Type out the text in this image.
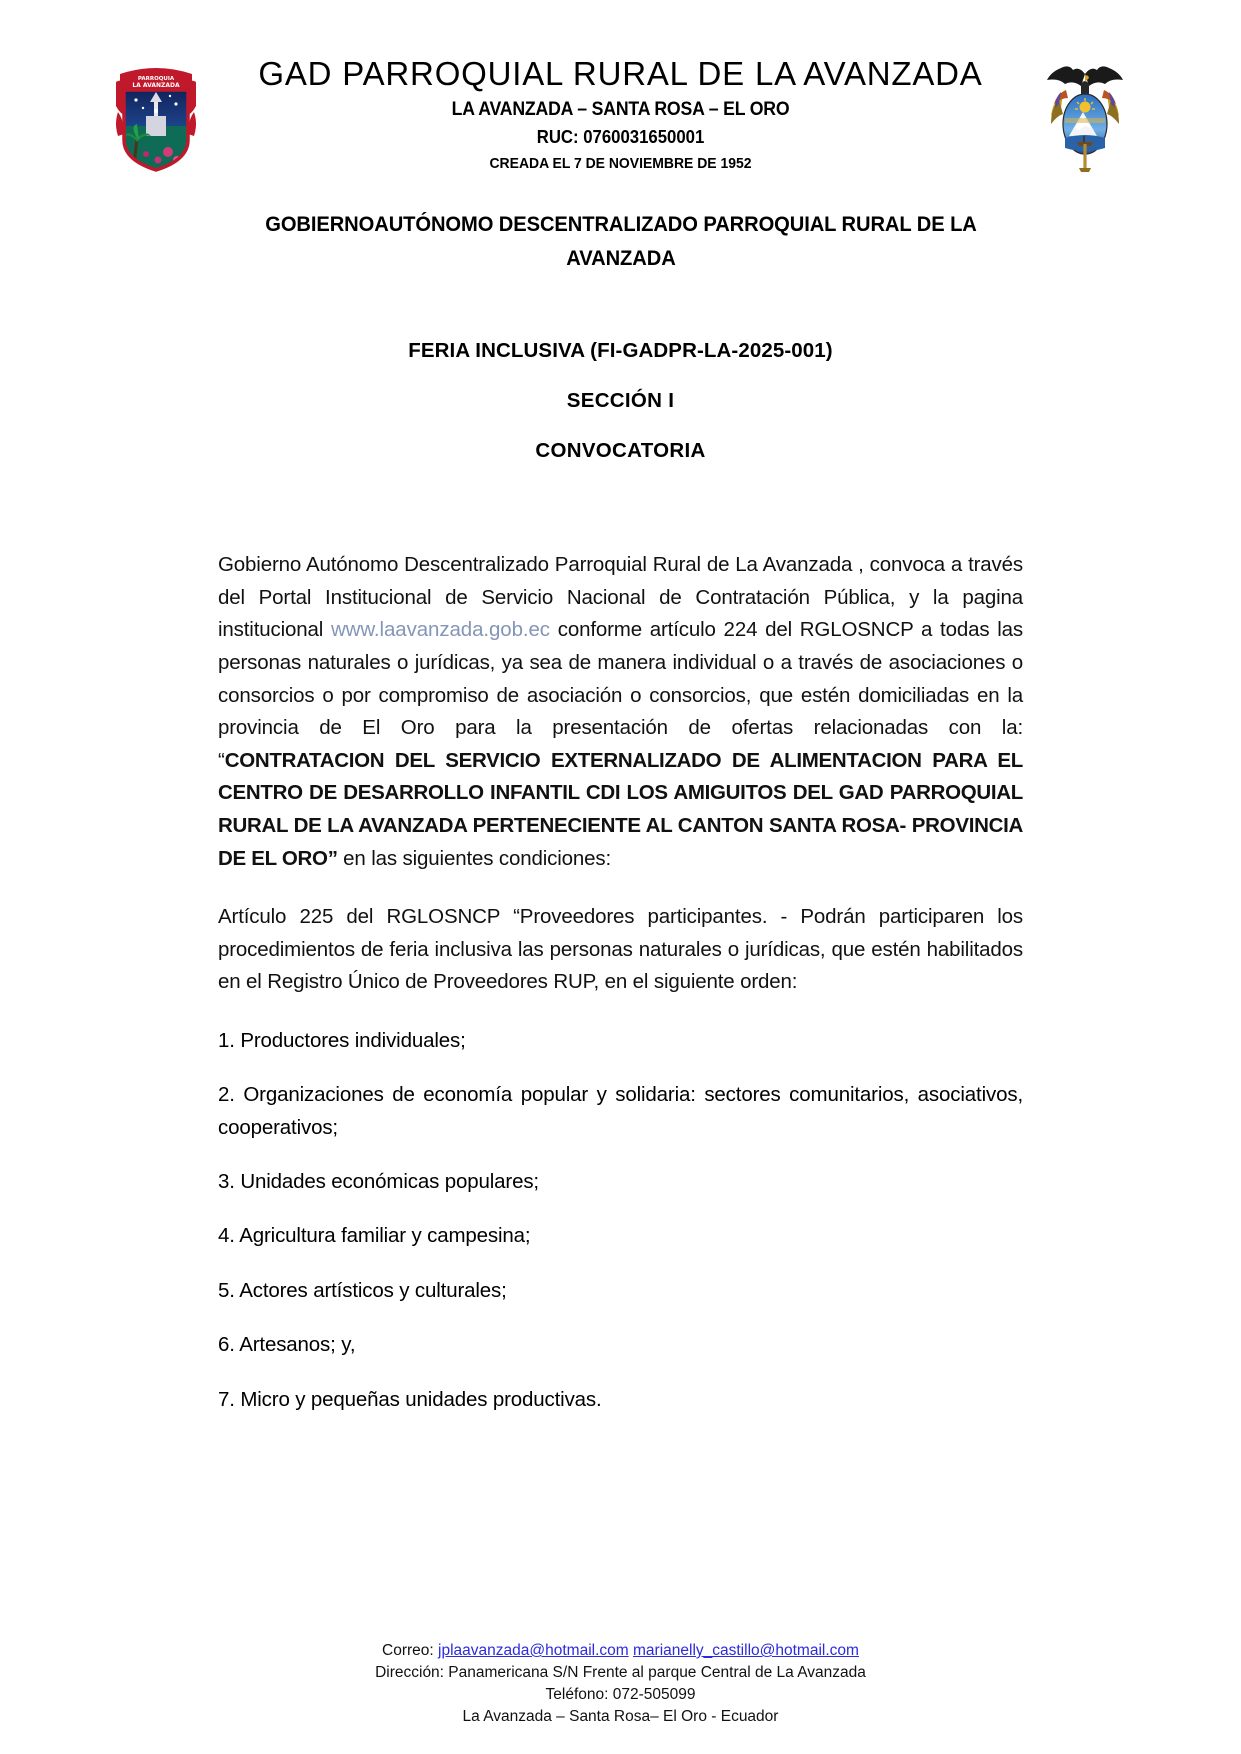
PARROQUIA
LA AVANZADA	GAD PARROQUIAL RURAL DE LA AVANZADA
LA AVANZADA – SANTA ROSA – EL ORO
RUC: 0760031650001
CREADA EL 7 DE NOVIEMBRE DE 1952
GOBIERNOAUTÓNOMO DESCENTRALIZADO PARROQUIAL RURAL DE LA AVANZADA
FERIA INCLUSIVA (FI-GADPR-LA-2025-001)
SECCIÓN I
CONVOCATORIA

Gobierno Autónomo Descentralizado Parroquial Rural de La Avanzada , convoca a través del Portal Institucional de Servicio Nacional de Contratación Pública, y la pagina institucional www.laavanzada.gob.ec conforme artículo 224 del RGLOSNCP a todas las personas naturales o jurídicas, ya sea de manera individual o a través de asociaciones o consorcios o por compromiso de asociación o consorcios, que estén domiciliadas en la provincia de El Oro para la presentación de ofertas relacionadas con la: “CONTRATACION DEL SERVICIO EXTERNALIZADO DE ALIMENTACION PARA EL CENTRO DE DESARROLLO INFANTIL CDI LOS AMIGUITOS DEL GAD PARROQUIAL RURAL DE LA AVANZADA PERTENECIENTE AL CANTON SANTA ROSA- PROVINCIA DE EL ORO” en las siguientes condiciones:

Artículo 225 del RGLOSNCP “Proveedores participantes. - Podrán participaren los procedimientos de feria inclusiva las personas naturales o jurídicas, que estén habilitados en el Registro Único de Proveedores RUP, en el siguiente orden:

1. Productores individuales;

2. Organizaciones de economía popular y solidaria: sectores comunitarios, asociativos, cooperativos;

3. Unidades económicas populares;

4. Agricultura familiar y campesina;

5. Actores artísticos y culturales;

6. Artesanos; y,

7. Micro y pequeñas unidades productivas.

Correo: jplaavanzada@hotmail.com marianelly_castillo@hotmail.com
Dirección: Panamericana S/N Frente al parque Central de La Avanzada
Teléfono: 072-505099
La Avanzada – Santa Rosa– El Oro - Ecuador
